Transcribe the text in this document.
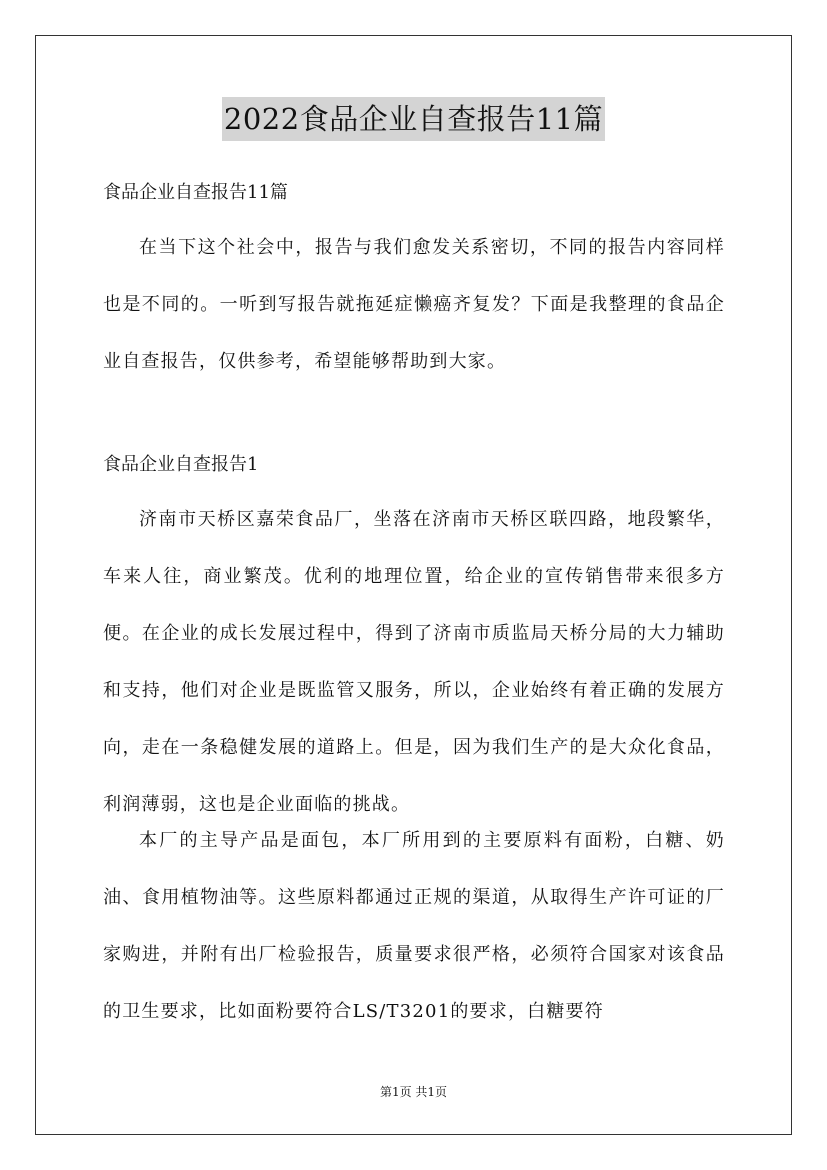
2022食品企业自查报告11篇
食品企业自查报告11篇

在当下这个社会中，报告与我们愈发关系密切，不同的报告内容同样也是不同的。一听到写报告就拖延症懒癌齐复发？下面是我整理的食品企业自查报告，仅供参考，希望能够帮助到大家。

食品企业自查报告1

济南市天桥区嘉荣食品厂，坐落在济南市天桥区联四路，地段繁华，车来人往，商业繁茂。优利的地理位置，给企业的宣传销售带来很多方便。在企业的成长发展过程中，得到了济南市质监局天桥分局的大力辅助和支持，他们对企业是既监管又服务，所以，企业始终有着正确的发展方向，走在一条稳健发展的道路上。但是，因为我们生产的是大众化食品，利润薄弱，这也是企业面临的挑战。

本厂的主导产品是面包，本厂所用到的主要原料有面粉，白糖、奶油、食用植物油等。这些原料都通过正规的渠道，从取得生产许可证的厂家购进，并附有出厂检验报告，质量要求很严格，必须符合国家对该食品的卫生要求，比如面粉要符合LS/T3201的要求，白糖要符

第1页 共1页
